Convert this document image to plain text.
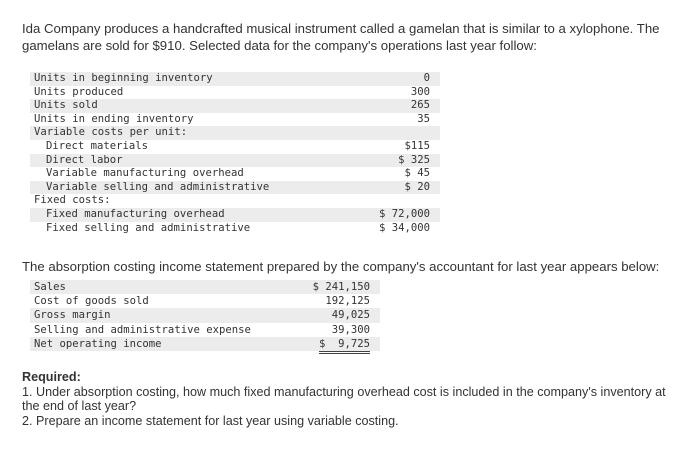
Ida Company produces a handcrafted musical instrument called a gamelan that is similar to a xylophone. The gamelans are sold for $910. Selected data for the company's operations last year follow:
Units in beginning inventory	0
Units produced	300
Units sold	265
Units in ending inventory	35
Variable costs per unit:
Direct materials	$115
Direct labor	$ 325
Variable manufacturing overhead	$ 45
Variable selling and administrative	$ 20
Fixed costs:
Fixed manufacturing overhead	$ 72,000
Fixed selling and administrative	$ 34,000
The absorption costing income statement prepared by the company's accountant for last year appears below:
Sales	$ 241,150
Cost of goods sold	192,125
Gross margin	49,025
Selling and administrative expense	39,300
Net operating income	$  9,725
Required:
1. Under absorption costing, how much fixed manufacturing overhead cost is included in the company's inventory at the end of last year?
2. Prepare an income statement for last year using variable costing.
